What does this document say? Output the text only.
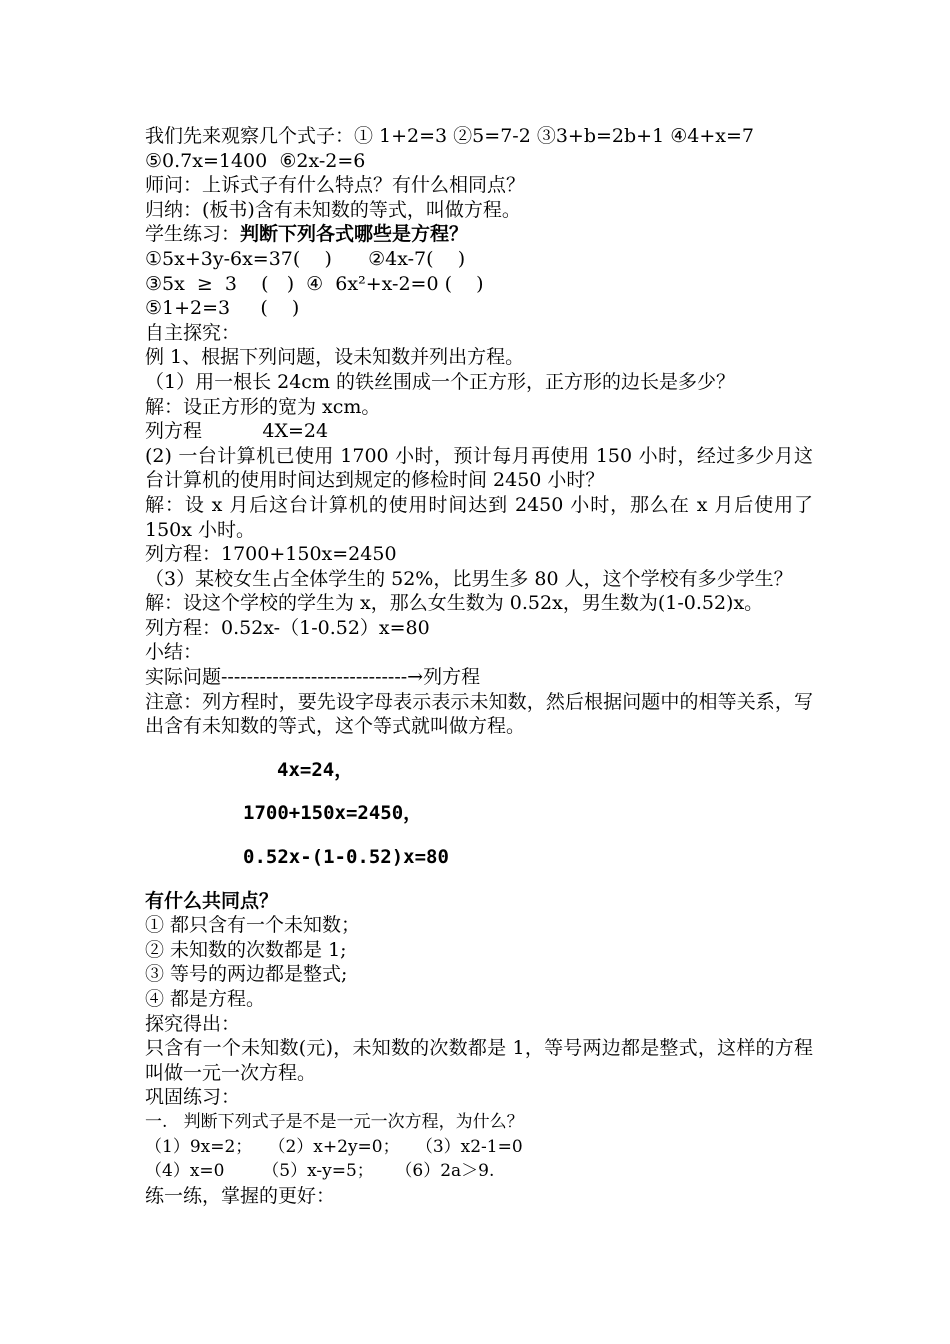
我们先来观察几个式子：① 1+2=3 ②5=7-2 ③3+b=2b+1 ④4+x=7

⑤0.7x=1400  ⑥2x-2=6

师问：上诉式子有什么特点？有什么相同点？

归纳：(板书)含有未知数的等式，叫做方程。

学生练习：判断下列各式哪些是方程？

①5x+3y-6x=37(    )      ②4x-7(    )

③5x  ≥  3    (   )  ④  6x²+x-2=0 (    )

⑤1+2=3     (    )

自主探究：

例 1、根据下列问题，设未知数并列出方程。

（1）用一根长 24cm 的铁丝围成一个正方形，正方形的边长是多少？

解：设正方形的宽为 xcm。

列方程          4X=24

(2) 一台计算机已使用 1700 小时，预计每月再使用 150 小时，经过多少月这台计算机的使用时间达到规定的修检时间 2450 小时？

解：设 x 月后这台计算机的使用时间达到 2450 小时，那么在 x 月后使用了 150x 小时。

列方程：1700+150x=2450

（3）某校女生占全体学生的 52%，比男生多 80 人，这个学校有多少学生？

解：设这个学校的学生为 x，那么女生数为 0.52x，男生数为(1-0.52)x。

列方程：0.52x-（1-0.52）x=80

小结：

实际问题-----------------------------→列方程

注意：列方程时，要先设字母表示表示未知数，然后根据问题中的相等关系，写出含有未知数的等式，这个等式就叫做方程。

4x=24，

1700+150x=2450，

0.52x-(1-0.52)x=80

有什么共同点？

① 都只含有一个未知数；

② 未知数的次数都是 1;

③ 等号的两边都是整式;

④ 都是方程。

探究得出：

只含有一个未知数(元)，未知数的次数都是 1，等号两边都是整式，这样的方程叫做一元一次方程。

巩固练习：

一.   判断下列式子是不是一元一次方程，为什么？

（1）9x=2；   （2）x+2y=0；   （3）x2-1=0

（4）x=0       （5）x-y=5；    （6）2a＞9.

练一练，掌握的更好：
